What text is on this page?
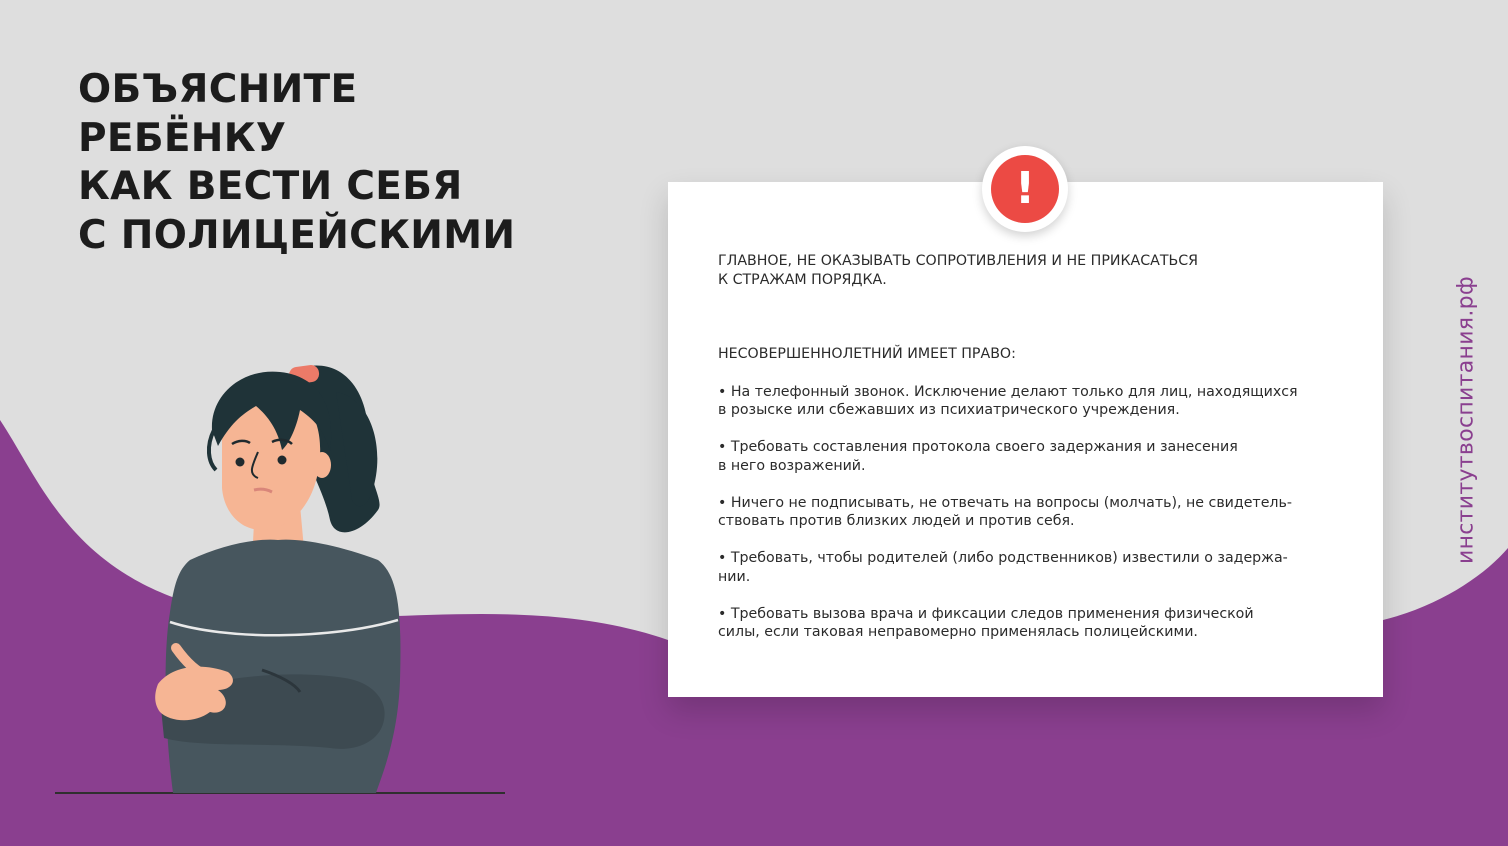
ОБЪЯСНИТЕ
РЕБЁНКУ
КАК ВЕСТИ СЕБЯ
С ПОЛИЦЕЙСКИМИ
!

ГЛАВНОЕ, НЕ ОКАЗЫВАТЬ СОПРОТИВЛЕНИЯ И НЕ ПРИКАСАТЬСЯ
К СТРАЖАМ ПОРЯДКА.

НЕСОВЕРШЕННОЛЕТНИЙ ИМЕЕТ ПРАВО:

• На телефонный звонок. Исключение делают только для лиц, находящихся
в розыске или сбежавших из психиатрического учреждения.

• Требовать составления протокола своего задержания и занесения
в него возражений.

• Ничего не подписывать, не отвечать на вопросы (молчать), не свидетель-
ствовать против близких людей и против себя.

• Требовать, чтобы родителей (либо родственников) известили о задержа-
нии.

• Требовать вызова врача и фиксации следов применения физической
силы, если таковая неправомерно применялась полицейскими.

институтвоспитания.рф
